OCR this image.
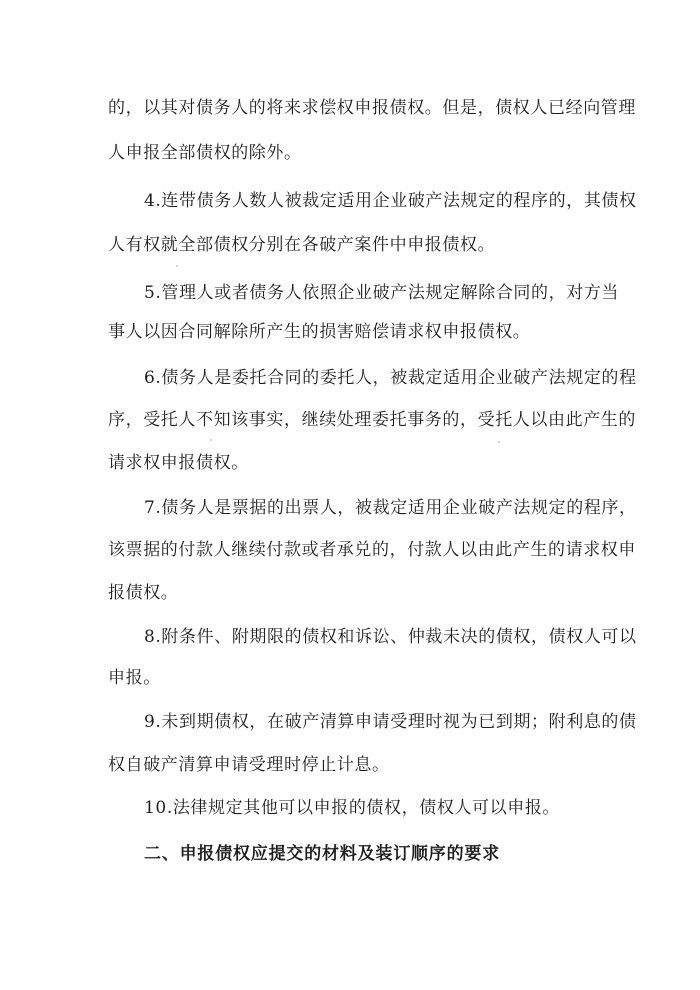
的，以其对债务人的将来求偿权申报债权。但是，债权人已经向管理
人申报全部债权的除外。
4.连带债务人数人被裁定适用企业破产法规定的程序的，其债权
人有权就全部债权分别在各破产案件中申报债权。
5.管理人或者债务人依照企业破产法规定解除合同的，对方当
事人以因合同解除所产生的损害赔偿请求权申报债权。
6.债务人是委托合同的委托人，被裁定适用企业破产法规定的程
序，受托人不知该事实，继续处理委托事务的，受托人以由此产生的
请求权申报债权。
7.债务人是票据的出票人，被裁定适用企业破产法规定的程序，
该票据的付款人继续付款或者承兑的，付款人以由此产生的请求权申
报债权。
8.附条件、附期限的债权和诉讼、仲裁未决的债权，债权人可以
申报。
9.未到期债权，在破产清算申请受理时视为已到期；附利息的债
权自破产清算申请受理时停止计息。
10.法律规定其他可以申报的债权，债权人可以申报。
二、申报债权应提交的材料及装订顺序的要求
